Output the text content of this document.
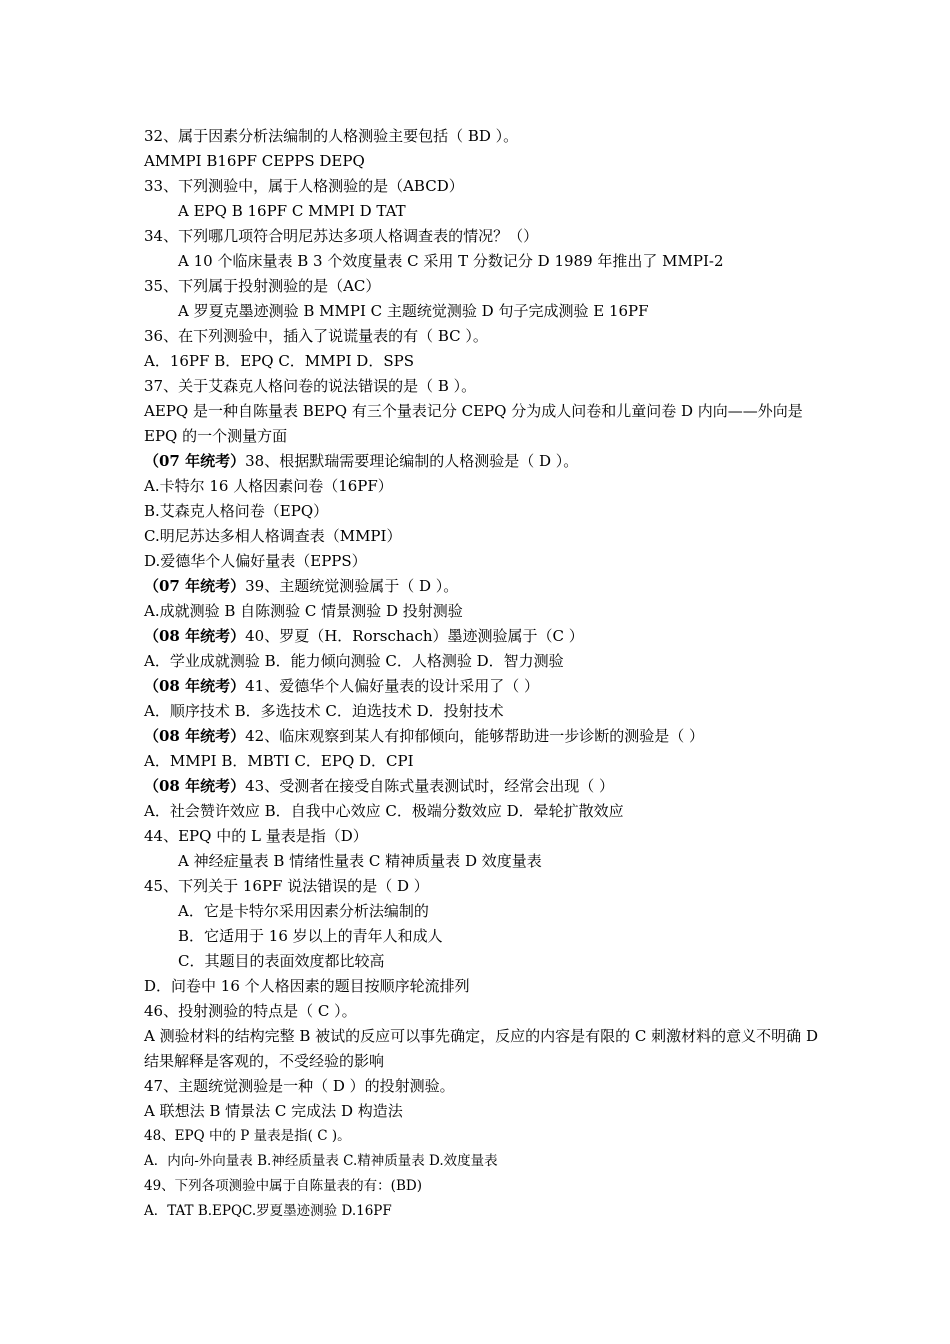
32、属于因素分析法编制的人格测验主要包括（ BD ）。
AMMPI B16PF CEPPS DEPQ
33、下列测验中，属于人格测验的是（ABCD）
A EPQ B 16PF C MMPI D TAT
34、下列哪几项符合明尼苏达多项人格调查表的情况？（）
A 10 个临床量表 B 3 个效度量表 C 采用 T 分数记分 D 1989 年推出了 MMPI-2
35、下列属于投射测验的是（AC）
A 罗夏克墨迹测验 B MMPI C 主题统觉测验 D 句子完成测验 E 16PF
36、在下列测验中，插入了说谎量表的有（ BC ）。
A．16PF B．EPQ C．MMPI D．SPS
37、关于艾森克人格问卷的说法错误的是（ B ）。
AEPQ 是一种自陈量表 BEPQ 有三个量表记分 CEPQ 分为成人问卷和儿童问卷 D 内向——外向是 EPQ 的一个测量方面
（07 年统考）38、根据默瑞需要理论编制的人格测验是（ D ）。
A.卡特尔 16 人格因素问卷（16PF）
B.艾森克人格问卷（EPQ）
C.明尼苏达多相人格调查表（MMPI）
D.爱德华个人偏好量表（EPPS）
（07 年统考）39、主题统觉测验属于（ D ）。
A.成就测验 B 自陈测验 C 情景测验 D 投射测验
（08 年统考）40、罗夏（H．Rorschach）墨迹测验属于（C ）
A．学业成就测验 B．能力倾向测验 C．人格测验 D．智力测验
（08 年统考）41、爱德华个人偏好量表的设计采用了（ ）
A．顺序技术 B．多选技术 C．迫选技术 D．投射技术
（08 年统考）42、临床观察到某人有抑郁倾向，能够帮助进一步诊断的测验是（ ）
A．MMPI B．MBTI C．EPQ D．CPI
（08 年统考）43、受测者在接受自陈式量表测试时，经常会出现（ ）
A．社会赞许效应 B．自我中心效应 C．极端分数效应 D．晕轮扩散效应
44、EPQ 中的 L 量表是指（D）
A 神经症量表 B 情绪性量表 C 精神质量表 D 效度量表
45、下列关于 16PF 说法错误的是（ D ）
A．它是卡特尔采用因素分析法编制的
B．它适用于 16 岁以上的青年人和成人
C．其题目的表面效度都比较高
D．问卷中 16 个人格因素的题目按顺序轮流排列
46、投射测验的特点是（ C ）。
A 测验材料的结构完整 B 被试的反应可以事先确定，反应的内容是有限的 C 刺激材料的意义不明确 D 结果解释是客观的，不受经验的影响
47、主题统觉测验是一种（ D ）的投射测验。
A 联想法 B 情景法 C 完成法 D 构造法
48、EPQ 中的 P 量表是指( C )。
A．内向-外向量表 B.神经质量表 C.精神质量表 D.效度量表
49、下列各项测验中属于自陈量表的有：(BD)
A．TAT B.EPQC.罗夏墨迹测验 D.16PF
